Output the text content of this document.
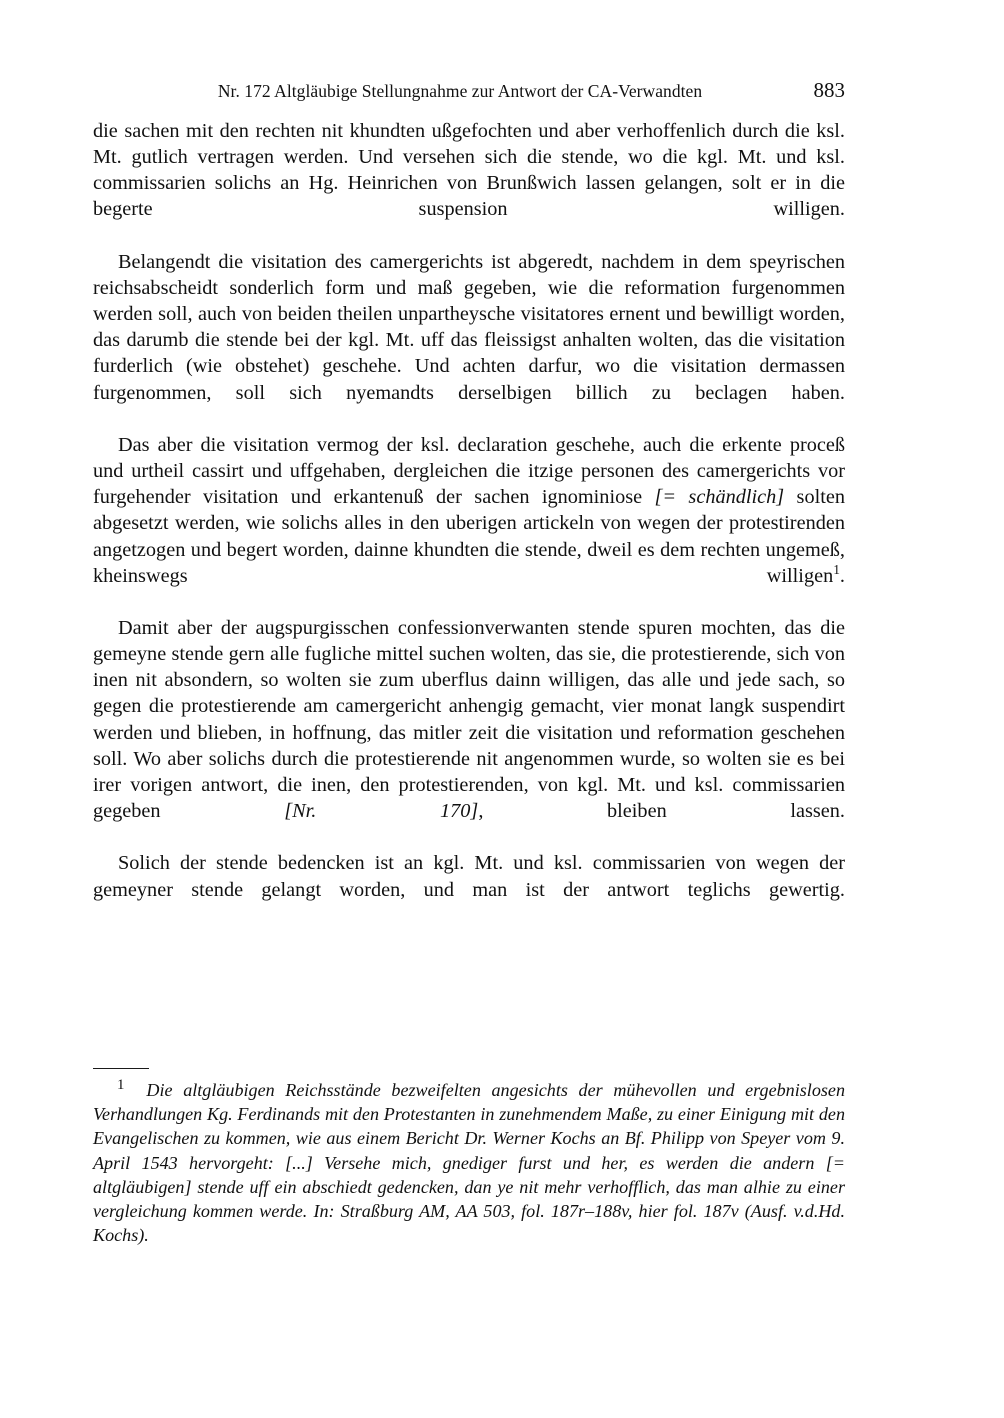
Nr. 172 Altgläubige Stellungnahme zur Antwort der CA-Verwandten	883

die sachen mit den rechten nit khundten ußgefochten und aber verhoffenlich durch die ksl. Mt. gutlich vertragen werden. Und versehen sich die stende, wo die kgl. Mt. und ksl. commissarien solichs an Hg. Heinrichen von Brunßwich lassen gelangen, solt er in die begerte suspension willigen.

Belangendt die visitation des camergerichts ist abgeredt, nachdem in dem speyrischen reichsabscheidt sonderlich form und maß gegeben, wie die reformation furgenommen werden soll, auch von beiden theilen unpartheysche visitatores ernent und bewilligt worden, das darumb die stende bei der kgl. Mt. uff das fleissigst anhalten wolten, das die visitation furderlich (wie obstehet) geschehe. Und achten darfur, wo die visitation dermassen furgenommen, soll sich nyemandts derselbigen billich zu beclagen haben.

Das aber die visitation vermog der ksl. declaration geschehe, auch die erkente proceß und urtheil cassirt und uffgehaben, dergleichen die itzige personen des camergerichts vor furgehender visitation und erkantenuß der sachen ignominiose [= schändlich] solten abgesetzt werden, wie solichs alles in den uberigen artickeln von wegen der protestirenden angetzogen und begert worden, dainne khundten die stende, dweil es dem rechten ungemeß, kheinswegs willigen$^1$.

Damit aber der augspurgisschen confessionverwanten stende spuren mochten, das die gemeyne stende gern alle fugliche mittel suchen wolten, das sie, die protestierende, sich von inen nit absondern, so wolten sie zum uberflus dainn willigen, das alle und jede sach, so gegen die protestierende am camergericht anhengig gemacht, vier monat langk suspendirt werden und blieben, in hoffnung, das mitler zeit die visitation und reformation geschehen soll. Wo aber solichs durch die protestierende nit angenommen wurde, so wolten sie es bei irer vorigen antwort, die inen, den protestierenden, von kgl. Mt. und ksl. commissarien gegeben [Nr. 170], bleiben lassen.

Solich der stende bedencken ist an kgl. Mt. und ksl. commissarien von wegen der gemeyner stende gelangt worden, und man ist der antwort teglichs gewertig.

$^1$ Die altgläubigen Reichsstände bezweifelten angesichts der mühevollen und ergebnislosen Verhandlungen Kg. Ferdinands mit den Protestanten in zunehmendem Maße, zu einer Einigung mit den Evangelischen zu kommen, wie aus einem Bericht Dr. Werner Kochs an Bf. Philipp von Speyer vom 9. April 1543 hervorgeht: [...] Versehe mich, gnediger furst und her, es werden die andern [= altgläubigen] stende uff ein abschiedt gedencken, dan ye nit mehr verhofflich, das man alhie zu einer vergleichung kommen werde. In: Straßburg AM, AA 503, fol. 187r–188v, hier fol. 187v (Ausf. v.d.Hd. Kochs).
